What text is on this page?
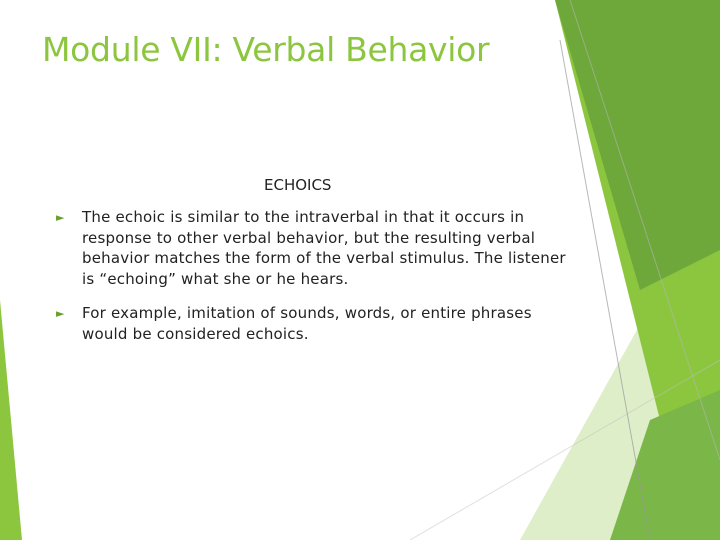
Module VII: Verbal Behavior
ECHOICS
► The echoic is similar to the intraverbal in that it occurs in response to other verbal behavior, but the resulting verbal behavior matches the form of the verbal stimulus. The listener is “echoing” what she or he hears.
► For example, imitation of sounds, words, or entire phrases would be considered echoics.
